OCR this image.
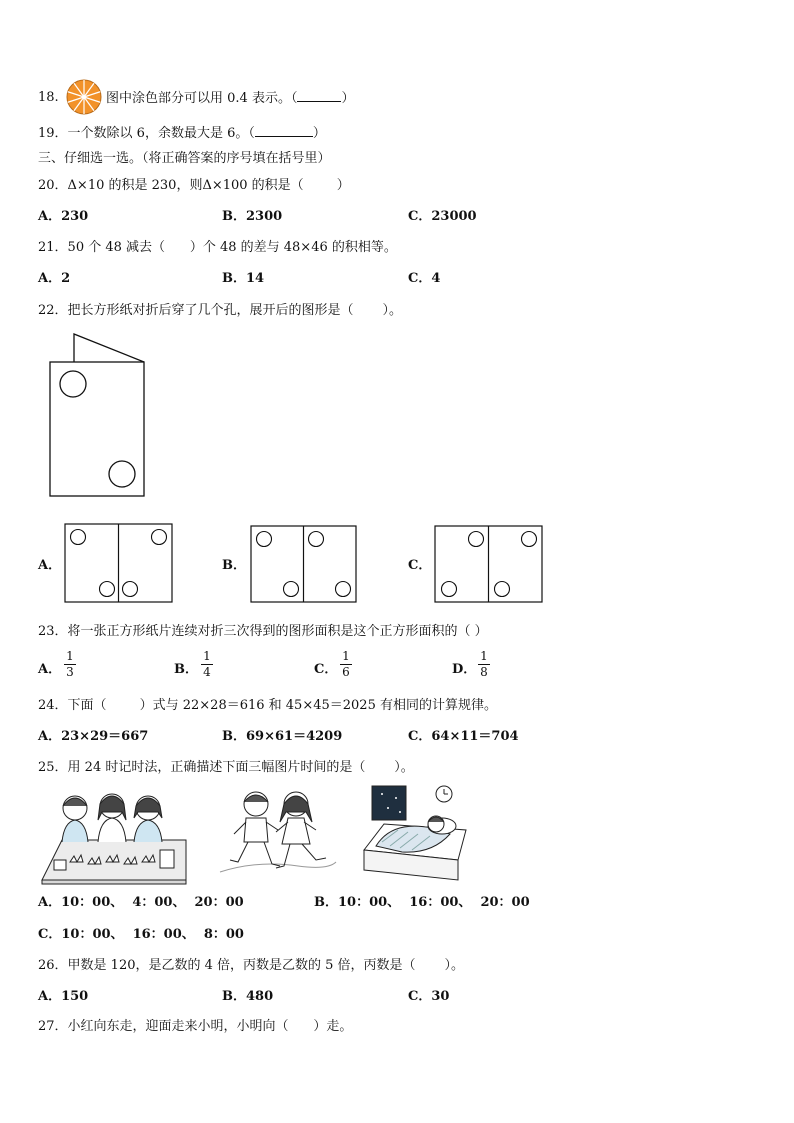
18.	图中涂色部分可以用 0.4 表示。（	）
19．一个数除以 6，余数最大是 6。（	）
三、仔细选一选。（将正确答案的序号填在括号里）
20．Δ×10 的积是 230，则Δ×100 的积是（        ）
A．230	B．2300	C．23000
21．50 个 48 减去（      ）个 48 的差与 48×46 的积相等。
A．2	B．14	C．4
22．把长方形纸对折后穿了几个孔，展开后的图形是（       ）。
A．	B．	C．
23．将一张正方形纸片连续对折三次得到的图形面积是这个正方形面积的（ ）
A．
1
3	B．
1
4	C．
1
6	D．
1
8
24．下面（        ）式与 22×28＝616 和 45×45＝2025 有相同的计算规律。
A．23×29＝667	B．69×61＝4209	C．64×11＝704
25．用 24 时记时法，正确描述下面三幅图片时间的是（       ）。
A．10：00、  4：00、  20：00	B．10：00、  16：00、  20：00
C．10：00、  16：00、  8：00
26．甲数是 120，是乙数的 4 倍，丙数是乙数的 5 倍，丙数是（       ）。
A．150	B．480	C．30
27．小红向东走，迎面走来小明，小明向（      ）走。
